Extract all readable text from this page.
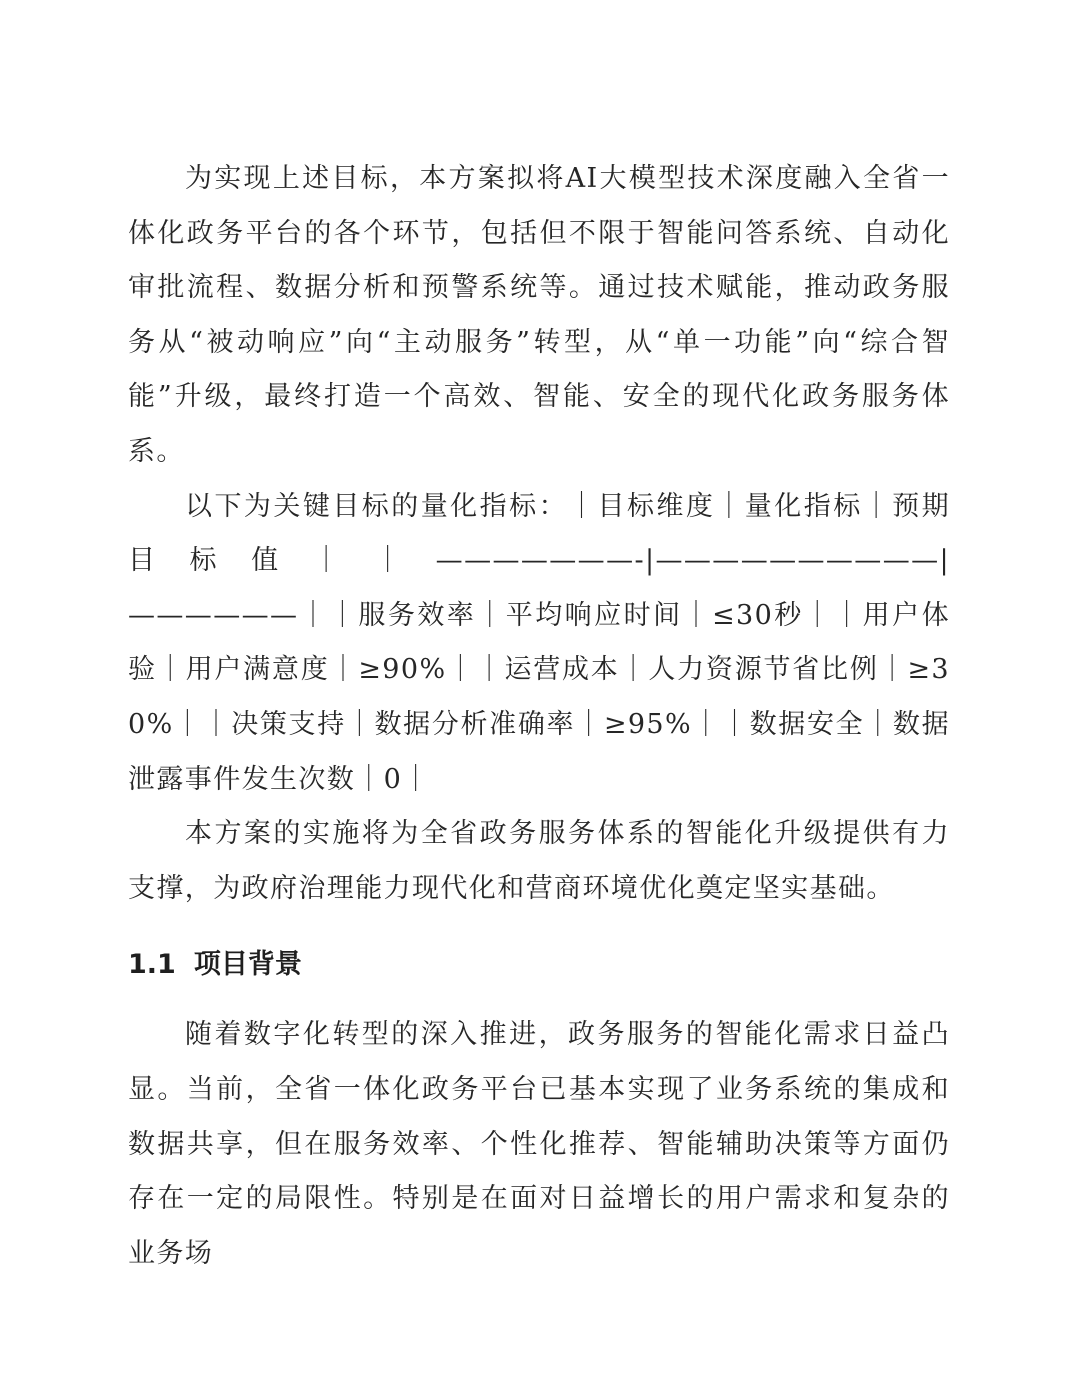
为实现上述目标，本方案拟将AI大模型技术深度融入全省一体化政务平台的各个环节，包括但不限于智能问答系统、自动化审批流程、数据分析和预警系统等。通过技术赋能，推动政务服务从“被动响应”向“主动服务”转型，从“单一功能”向“综合智能”升级，最终打造一个高效、智能、安全的现代化政务服务体系。

以下为关键目标的量化指标：｜目标维度｜量化指标｜预期目标值｜｜———————-|——————————|——————｜｜服务效率｜平均响应时间｜≤30秒｜｜用户体验｜用户满意度｜≥90%｜｜运营成本｜人力资源节省比例｜≥30%｜｜决策支持｜数据分析准确率｜≥95%｜｜数据安全｜数据泄露事件发生次数｜0｜

本方案的实施将为全省政务服务体系的智能化升级提供有力支撑，为政府治理能力现代化和营商环境优化奠定坚实基础。

1.1 项目背景

随着数字化转型的深入推进，政务服务的智能化需求日益凸显。当前，全省一体化政务平台已基本实现了业务系统的集成和数据共享，但在服务效率、个性化推荐、智能辅助决策等方面仍存在一定的局限性。特别是在面对日益增长的用户需求和复杂的业务场
